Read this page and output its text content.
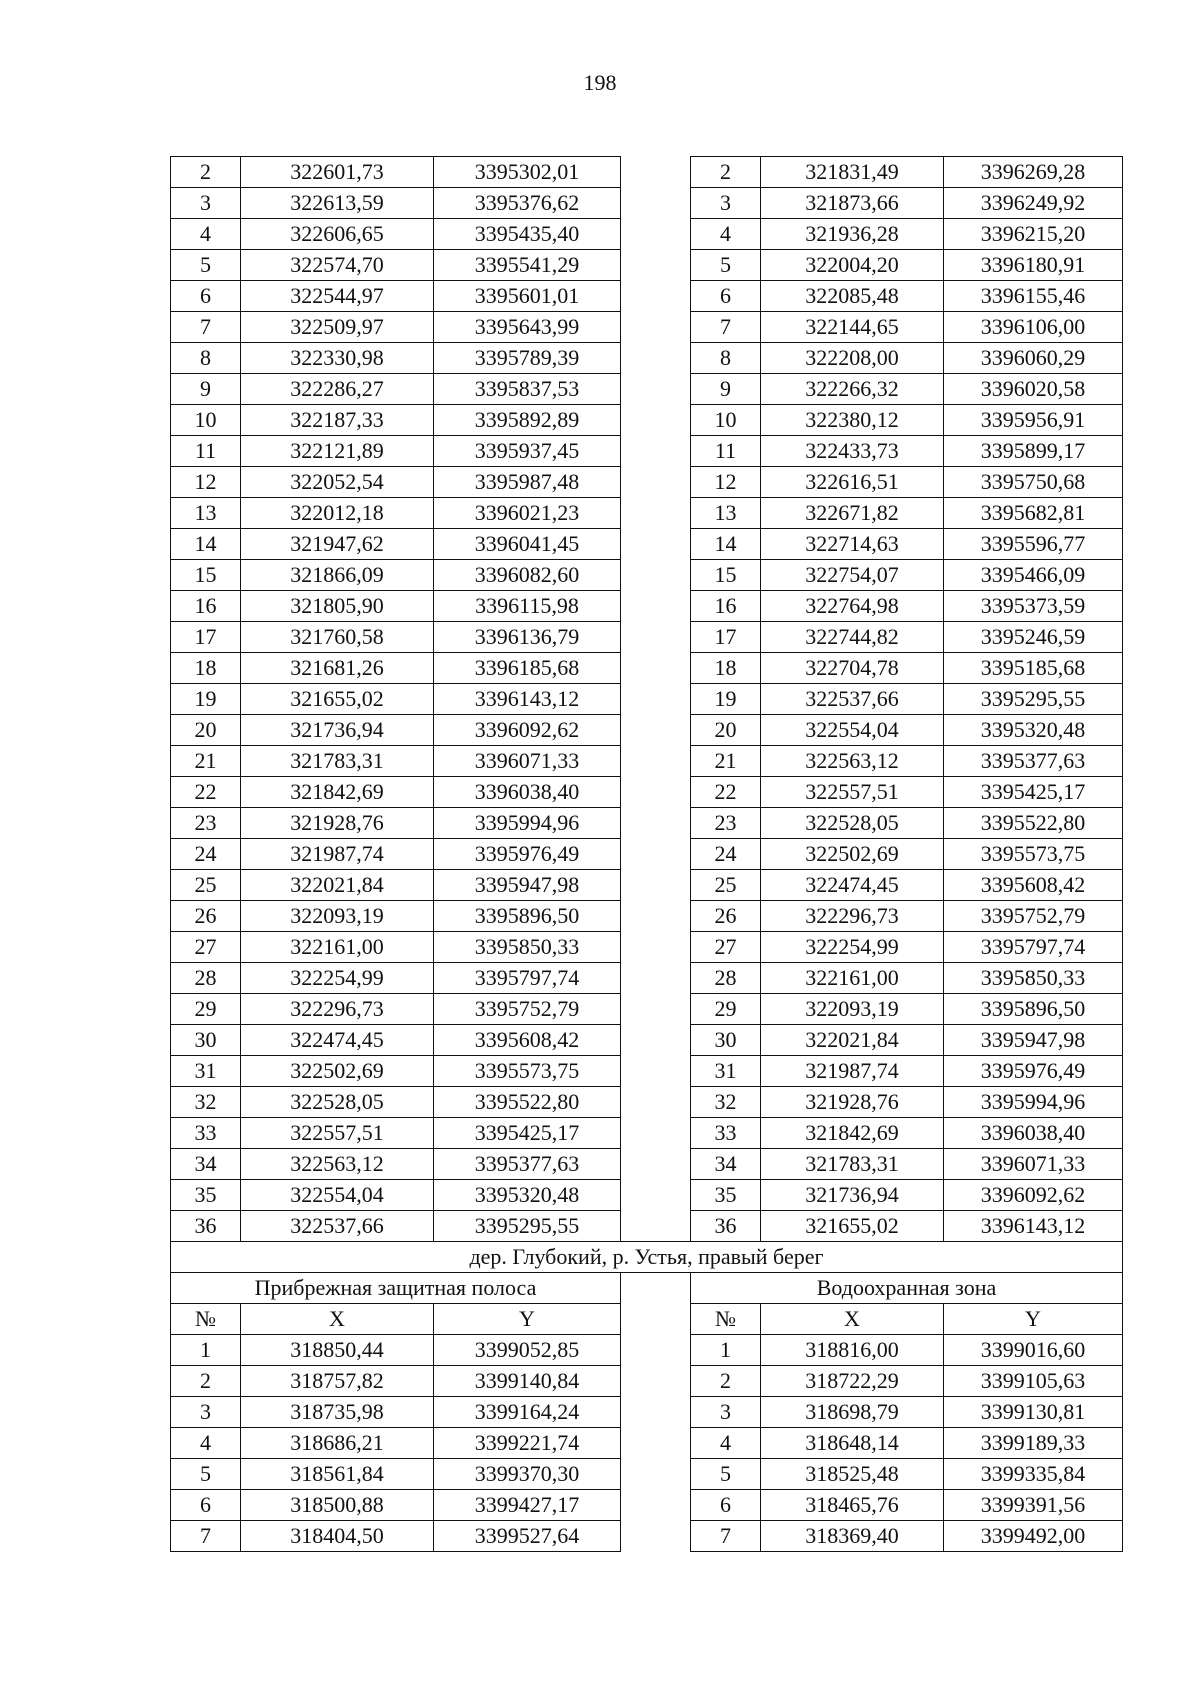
198
2	322601,73	3395302,01		2	321831,49	3396269,28
3	322613,59	3395376,62		3	321873,66	3396249,92
4	322606,65	3395435,40		4	321936,28	3396215,20
5	322574,70	3395541,29		5	322004,20	3396180,91
6	322544,97	3395601,01		6	322085,48	3396155,46
7	322509,97	3395643,99		7	322144,65	3396106,00
8	322330,98	3395789,39		8	322208,00	3396060,29
9	322286,27	3395837,53		9	322266,32	3396020,58
10	322187,33	3395892,89		10	322380,12	3395956,91
11	322121,89	3395937,45		11	322433,73	3395899,17
12	322052,54	3395987,48		12	322616,51	3395750,68
13	322012,18	3396021,23		13	322671,82	3395682,81
14	321947,62	3396041,45		14	322714,63	3395596,77
15	321866,09	3396082,60		15	322754,07	3395466,09
16	321805,90	3396115,98		16	322764,98	3395373,59
17	321760,58	3396136,79		17	322744,82	3395246,59
18	321681,26	3396185,68		18	322704,78	3395185,68
19	321655,02	3396143,12		19	322537,66	3395295,55
20	321736,94	3396092,62		20	322554,04	3395320,48
21	321783,31	3396071,33		21	322563,12	3395377,63
22	321842,69	3396038,40		22	322557,51	3395425,17
23	321928,76	3395994,96		23	322528,05	3395522,80
24	321987,74	3395976,49		24	322502,69	3395573,75
25	322021,84	3395947,98		25	322474,45	3395608,42
26	322093,19	3395896,50		26	322296,73	3395752,79
27	322161,00	3395850,33		27	322254,99	3395797,74
28	322254,99	3395797,74		28	322161,00	3395850,33
29	322296,73	3395752,79		29	322093,19	3395896,50
30	322474,45	3395608,42		30	322021,84	3395947,98
31	322502,69	3395573,75		31	321987,74	3395976,49
32	322528,05	3395522,80		32	321928,76	3395994,96
33	322557,51	3395425,17		33	321842,69	3396038,40
34	322563,12	3395377,63		34	321783,31	3396071,33
35	322554,04	3395320,48		35	321736,94	3396092,62
36	322537,66	3395295,55		36	321655,02	3396143,12
дер. Глубокий, р. Устья, правый берег						
Прибрежная защитная полоса				Водоохранная зона		
№	X	Y		№	X	Y
1	318850,44	3399052,85		1	318816,00	3399016,60
2	318757,82	3399140,84		2	318722,29	3399105,63
3	318735,98	3399164,24		3	318698,79	3399130,81
4	318686,21	3399221,74		4	318648,14	3399189,33
5	318561,84	3399370,30		5	318525,48	3399335,84
6	318500,88	3399427,17		6	318465,76	3399391,56
7	318404,50	3399527,64		7	318369,40	3399492,00
